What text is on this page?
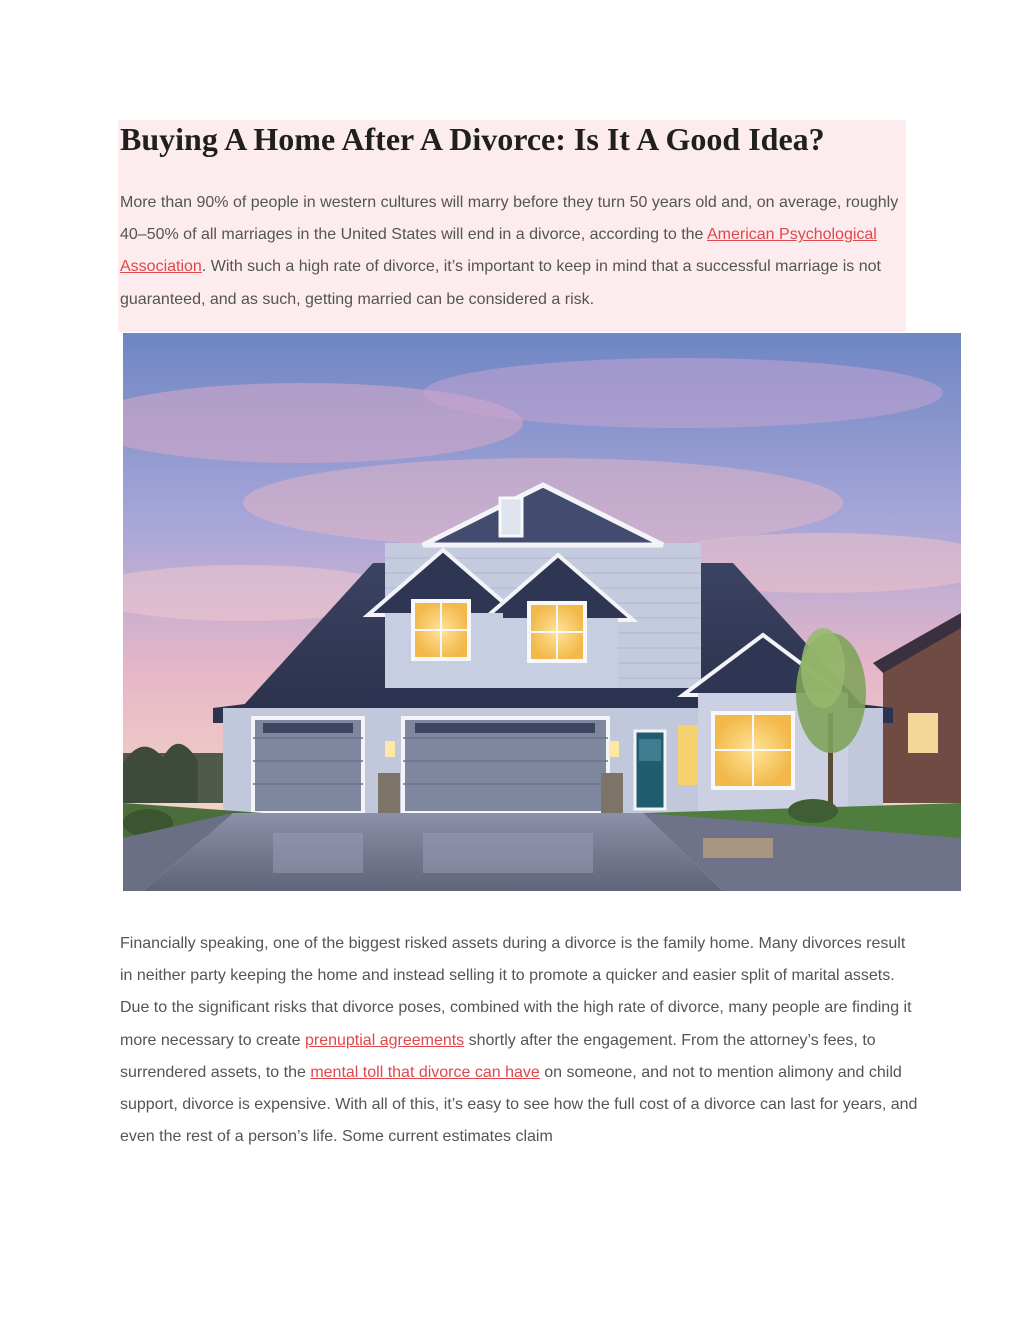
Buying A Home After A Divorce: Is It A Good Idea?

More than 90% of people in western cultures will marry before they turn 50 years old and, on average, roughly 40–50% of all marriages in the United States will end in a divorce, according to the American Psychological Association. With such a high rate of divorce, it’s important to keep in mind that a successful marriage is not guaranteed, and as such, getting married can be considered a risk.

Financially speaking, one of the biggest risked assets during a divorce is the family home. Many divorces result in neither party keeping the home and instead selling it to promote a quicker and easier split of marital assets. Due to the significant risks that divorce poses, combined with the high rate of divorce, many people are finding it more necessary to create prenuptial agreements shortly after the engagement. From the attorney’s fees, to surrendered assets, to the mental toll that divorce can have on someone, and not to mention alimony and child support, divorce is expensive. With all of this, it’s easy to see how the full cost of a divorce can last for years, and even the rest of a person’s life. Some current estimates claim
